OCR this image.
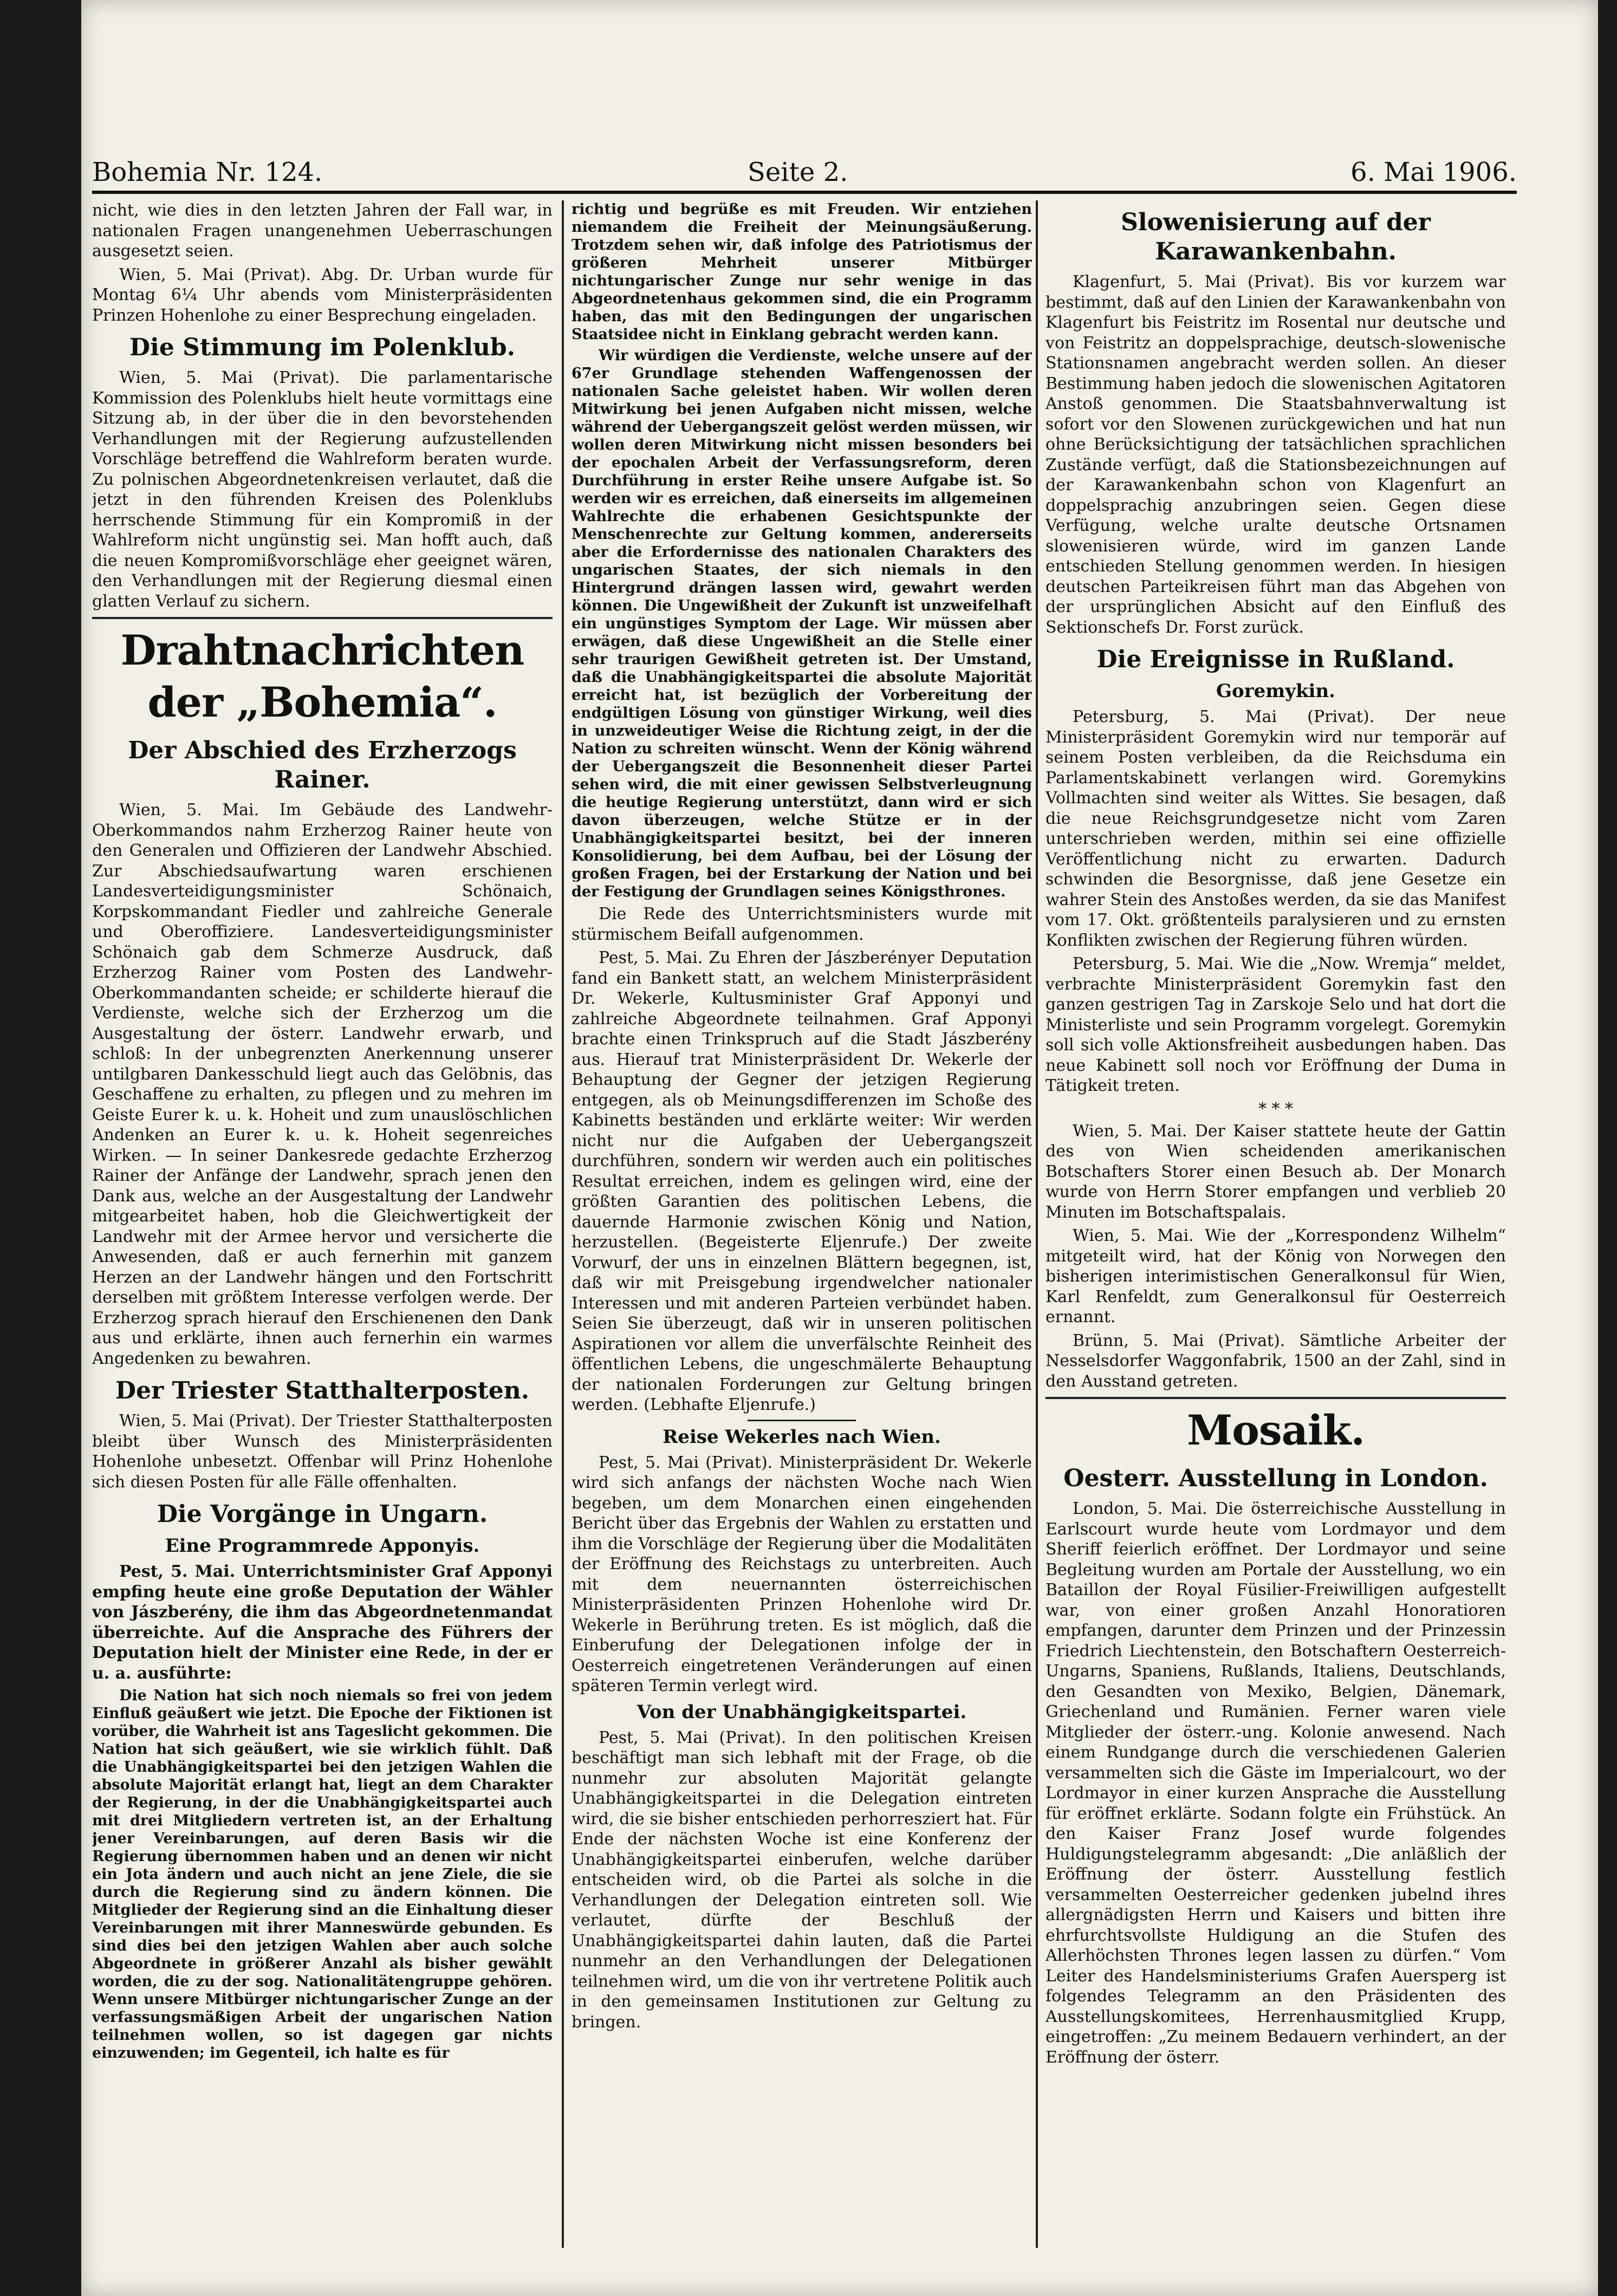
Bohemia Nr. 124.	Seite 2.	6. Mai 1906.

nicht, wie dies in den letzten Jahren der Fall war, in nationalen Fragen unangenehmen Ueberraschungen ausgesetzt seien.

Wien, 5. Mai (Privat). Abg. Dr. Urban wurde für Montag 6¼ Uhr abends vom Ministerpräsidenten Prinzen Hohenlohe zu einer Besprechung eingeladen.

Die Stimmung im Polenklub.

Wien, 5. Mai (Privat). Die parlamentarische Kommission des Polenklubs hielt heute vormittags eine Sitzung ab, in der über die in den bevorstehenden Verhandlungen mit der Regierung aufzustellenden Vorschläge betreffend die Wahlreform beraten wurde. Zu polnischen Abgeordnetenkreisen verlautet, daß die jetzt in den führenden Kreisen des Polenklubs herrschende Stimmung für ein Kompromiß in der Wahlreform nicht ungünstig sei. Man hofft auch, daß die neuen Kompromißvorschläge eher geeignet wären, den Verhandlungen mit der Regierung diesmal einen glatten Verlauf zu sichern.

Drahtnachrichten der „Bohemia“.
Der Abschied des Erzherzogs Rainer.

Wien, 5. Mai. Im Gebäude des Landwehr-Oberkommandos nahm Erzherzog Rainer heute von den Generalen und Offizieren der Landwehr Abschied. Zur Abschiedsaufwartung waren erschienen Landesverteidigungsminister Schönaich, Korpskommandant Fiedler und zahlreiche Generale und Oberoffiziere. Landesverteidigungsminister Schönaich gab dem Schmerze Ausdruck, daß Erzherzog Rainer vom Posten des Landwehr-Oberkommandanten scheide; er schilderte hierauf die Verdienste, welche sich der Erzherzog um die Ausgestaltung der österr. Landwehr erwarb, und schloß: In der unbegrenzten Anerkennung unserer untilgbaren Dankesschuld liegt auch das Gelöbnis, das Geschaffene zu erhalten, zu pflegen und zu mehren im Geiste Eurer k. u. k. Hoheit und zum unauslöschlichen Andenken an Eurer k. u. k. Hoheit segenreiches Wirken. — In seiner Dankesrede gedachte Erzherzog Rainer der Anfänge der Landwehr, sprach jenen den Dank aus, welche an der Ausgestaltung der Landwehr mitgearbeitet haben, hob die Gleichwertigkeit der Landwehr mit der Armee hervor und versicherte die Anwesenden, daß er auch fernerhin mit ganzem Herzen an der Landwehr hängen und den Fortschritt derselben mit größtem Interesse verfolgen werde. Der Erzherzog sprach hierauf den Erschienenen den Dank aus und erklärte, ihnen auch fernerhin ein warmes Angedenken zu bewahren.

Der Triester Statthalterposten.

Wien, 5. Mai (Privat). Der Triester Statthalterposten bleibt über Wunsch des Ministerpräsidenten Hohenlohe unbesetzt. Offenbar will Prinz Hohenlohe sich diesen Posten für alle Fälle offenhalten.

Die Vorgänge in Ungarn.
Eine Programmrede Apponyis.

Pest, 5. Mai. Unterrichtsminister Graf Apponyi empfing heute eine große Deputation der Wähler von Jászberény, die ihm das Abgeordnetenmandat überreichte. Auf die Ansprache des Führers der Deputation hielt der Minister eine Rede, in der er u. a. ausführte:

Die Nation hat sich noch niemals so frei von jedem Einfluß geäußert wie jetzt. Die Epoche der Fiktionen ist vorüber, die Wahrheit ist ans Tageslicht gekommen. Die Nation hat sich geäußert, wie sie wirklich fühlt. Daß die Unabhängigkeitspartei bei den jetzigen Wahlen die absolute Majorität erlangt hat, liegt an dem Charakter der Regierung, in der die Unabhängigkeitspartei auch mit drei Mitgliedern vertreten ist, an der Erhaltung jener Vereinbarungen, auf deren Basis wir die Regierung übernommen haben und an denen wir nicht ein Jota ändern und auch nicht an jene Ziele, die sie durch die Regierung sind zu ändern können. Die Mitglieder der Regierung sind an die Einhaltung dieser Vereinbarungen mit ihrer Manneswürde gebunden. Es sind dies bei den jetzigen Wahlen aber auch solche Abgeordnete in größerer Anzahl als bisher gewählt worden, die zu der sog. Nationalitätengruppe gehören. Wenn unsere Mitbürger nichtungarischer Zunge an der verfassungsmäßigen Arbeit der ungarischen Nation teilnehmen wollen, so ist dagegen gar nichts einzuwenden; im Gegenteil, ich halte es für

richtig und begrüße es mit Freuden. Wir entziehen niemandem die Freiheit der Meinungsäußerung. Trotzdem sehen wir, daß infolge des Patriotismus der größeren Mehrheit unserer Mitbürger nichtungarischer Zunge nur sehr wenige in das Abgeordnetenhaus gekommen sind, die ein Programm haben, das mit den Bedingungen der ungarischen Staatsidee nicht in Einklang gebracht werden kann.

Wir würdigen die Verdienste, welche unsere auf der 67er Grundlage stehenden Waffengenossen der nationalen Sache geleistet haben. Wir wollen deren Mitwirkung bei jenen Aufgaben nicht missen, welche während der Uebergangszeit gelöst werden müssen, wir wollen deren Mitwirkung nicht missen besonders bei der epochalen Arbeit der Verfassungsreform, deren Durchführung in erster Reihe unsere Aufgabe ist. So werden wir es erreichen, daß einerseits im allgemeinen Wahlrechte die erhabenen Gesichtspunkte der Menschenrechte zur Geltung kommen, andererseits aber die Erfordernisse des nationalen Charakters des ungarischen Staates, der sich niemals in den Hintergrund drängen lassen wird, gewahrt werden können. Die Ungewißheit der Zukunft ist unzweifelhaft ein ungünstiges Symptom der Lage. Wir müssen aber erwägen, daß diese Ungewißheit an die Stelle einer sehr traurigen Gewißheit getreten ist. Der Umstand, daß die Unabhängigkeitspartei die absolute Majorität erreicht hat, ist bezüglich der Vorbereitung der endgültigen Lösung von günstiger Wirkung, weil dies in unzweideutiger Weise die Richtung zeigt, in der die Nation zu schreiten wünscht. Wenn der König während der Uebergangszeit die Besonnenheit dieser Partei sehen wird, die mit einer gewissen Selbstverleugnung die heutige Regierung unterstützt, dann wird er sich davon überzeugen, welche Stütze er in der Unabhängigkeitspartei besitzt, bei der inneren Konsolidierung, bei dem Aufbau, bei der Lösung der großen Fragen, bei der Erstarkung der Nation und bei der Festigung der Grundlagen seines Königsthrones.

Die Rede des Unterrichtsministers wurde mit stürmischem Beifall aufgenommen.

Pest, 5. Mai. Zu Ehren der Jászberényer Deputation fand ein Bankett statt, an welchem Ministerpräsident Dr. Wekerle, Kultusminister Graf Apponyi und zahlreiche Abgeordnete teilnahmen. Graf Apponyi brachte einen Trinkspruch auf die Stadt Jászberény aus. Hierauf trat Ministerpräsident Dr. Wekerle der Behauptung der Gegner der jetzigen Regierung entgegen, als ob Meinungsdifferenzen im Schoße des Kabinetts beständen und erklärte weiter: Wir werden nicht nur die Aufgaben der Uebergangszeit durchführen, sondern wir werden auch ein politisches Resultat erreichen, indem es gelingen wird, eine der größten Garantien des politischen Lebens, die dauernde Harmonie zwischen König und Nation, herzustellen. (Begeisterte Eljenrufe.) Der zweite Vorwurf, der uns in einzelnen Blättern begegnen, ist, daß wir mit Preisgebung irgendwelcher nationaler Interessen und mit anderen Parteien verbündet haben. Seien Sie überzeugt, daß wir in unseren politischen Aspirationen vor allem die unverfälschte Reinheit des öffentlichen Lebens, die ungeschmälerte Behauptung der nationalen Forderungen zur Geltung bringen werden. (Lebhafte Eljenrufe.)

Reise Wekerles nach Wien.

Pest, 5. Mai (Privat). Ministerpräsident Dr. Wekerle wird sich anfangs der nächsten Woche nach Wien begeben, um dem Monarchen einen eingehenden Bericht über das Ergebnis der Wahlen zu erstatten und ihm die Vorschläge der Regierung über die Modalitäten der Eröffnung des Reichstags zu unterbreiten. Auch mit dem neuernannten österreichischen Ministerpräsidenten Prinzen Hohenlohe wird Dr. Wekerle in Berührung treten. Es ist möglich, daß die Einberufung der Delegationen infolge der in Oesterreich eingetretenen Veränderungen auf einen späteren Termin verlegt wird.

Von der Unabhängigkeitspartei.

Pest, 5. Mai (Privat). In den politischen Kreisen beschäftigt man sich lebhaft mit der Frage, ob die nunmehr zur absoluten Majorität gelangte Unabhängigkeitspartei in die Delegation eintreten wird, die sie bisher entschieden perhorresziert hat. Für Ende der nächsten Woche ist eine Konferenz der Unabhängigkeitspartei einberufen, welche darüber entscheiden wird, ob die Partei als solche in die Verhandlungen der Delegation eintreten soll. Wie verlautet, dürfte der Beschluß der Unabhängigkeitspartei dahin lauten, daß die Partei nunmehr an den Verhandlungen der Delegationen teilnehmen wird, um die von ihr vertretene Politik auch in den gemeinsamen Institutionen zur Geltung zu bringen.

Slowenisierung auf der Karawankenbahn.

Klagenfurt, 5. Mai (Privat). Bis vor kurzem war bestimmt, daß auf den Linien der Karawankenbahn von Klagenfurt bis Feistritz im Rosental nur deutsche und von Feistritz an doppelsprachige, deutsch-slowenische Stationsnamen angebracht werden sollen. An dieser Bestimmung haben jedoch die slowenischen Agitatoren Anstoß genommen. Die Staatsbahnverwaltung ist sofort vor den Slowenen zurückgewichen und hat nun ohne Berücksichtigung der tatsächlichen sprachlichen Zustände verfügt, daß die Stationsbezeichnungen auf der Karawankenbahn schon von Klagenfurt an doppelsprachig anzubringen seien. Gegen diese Verfügung, welche uralte deutsche Ortsnamen slowenisieren würde, wird im ganzen Lande entschieden Stellung genommen werden. In hiesigen deutschen Parteikreisen führt man das Abgehen von der ursprünglichen Absicht auf den Einfluß des Sektionschefs Dr. Forst zurück.

Die Ereignisse in Rußland.
Goremykin.

Petersburg, 5. Mai (Privat). Der neue Ministerpräsident Goremykin wird nur temporär auf seinem Posten verbleiben, da die Reichsduma ein Parlamentskabinett verlangen wird. Goremykins Vollmachten sind weiter als Wittes. Sie besagen, daß die neue Reichsgrundgesetze nicht vom Zaren unterschrieben werden, mithin sei eine offizielle Veröffentlichung nicht zu erwarten. Dadurch schwinden die Besorgnisse, daß jene Gesetze ein wahrer Stein des Anstoßes werden, da sie das Manifest vom 17. Okt. größtenteils paralysieren und zu ernsten Konflikten zwischen der Regierung führen würden.

Petersburg, 5. Mai. Wie die „Now. Wremja“ meldet, verbrachte Ministerpräsident Goremykin fast den ganzen gestrigen Tag in Zarskoje Selo und hat dort die Ministerliste und sein Programm vorgelegt. Goremykin soll sich volle Aktionsfreiheit ausbedungen haben. Das neue Kabinett soll noch vor Eröffnung der Duma in Tätigkeit treten.

* * *

Wien, 5. Mai. Der Kaiser stattete heute der Gattin des von Wien scheidenden amerikanischen Botschafters Storer einen Besuch ab. Der Monarch wurde von Herrn Storer empfangen und verblieb 20 Minuten im Botschaftspalais.

Wien, 5. Mai. Wie der „Korrespondenz Wilhelm“ mitgeteilt wird, hat der König von Norwegen den bisherigen interimistischen Generalkonsul für Wien, Karl Renfeldt, zum Generalkonsul für Oesterreich ernannt.

Brünn, 5. Mai (Privat). Sämtliche Arbeiter der Nesselsdorfer Waggonfabrik, 1500 an der Zahl, sind in den Ausstand getreten.

Mosaik.
Oesterr. Ausstellung in London.

London, 5. Mai. Die österreichische Ausstellung in Earlscourt wurde heute vom Lordmayor und dem Sheriff feierlich eröffnet. Der Lordmayor und seine Begleitung wurden am Portale der Ausstellung, wo ein Bataillon der Royal Füsilier-Freiwilligen aufgestellt war, von einer großen Anzahl Honoratioren empfangen, darunter dem Prinzen und der Prinzessin Friedrich Liechtenstein, den Botschaftern Oesterreich-Ungarns, Spaniens, Rußlands, Italiens, Deutschlands, den Gesandten von Mexiko, Belgien, Dänemark, Griechenland und Rumänien. Ferner waren viele Mitglieder der österr.-ung. Kolonie anwesend. Nach einem Rundgange durch die verschiedenen Galerien versammelten sich die Gäste im Imperialcourt, wo der Lordmayor in einer kurzen Ansprache die Ausstellung für eröffnet erklärte. Sodann folgte ein Frühstück. An den Kaiser Franz Josef wurde folgendes Huldigungstelegramm abgesandt: „Die anläßlich der Eröffnung der österr. Ausstellung festlich versammelten Oesterreicher gedenken jubelnd ihres allergnädigsten Herrn und Kaisers und bitten ihre ehrfurchtsvollste Huldigung an die Stufen des Allerhöchsten Thrones legen lassen zu dürfen.“ Vom Leiter des Handelsministeriums Grafen Auersperg ist folgendes Telegramm an den Präsidenten des Ausstellungskomitees, Herrenhausmitglied Krupp, eingetroffen: „Zu meinem Bedauern verhindert, an der Eröffnung der österr.
